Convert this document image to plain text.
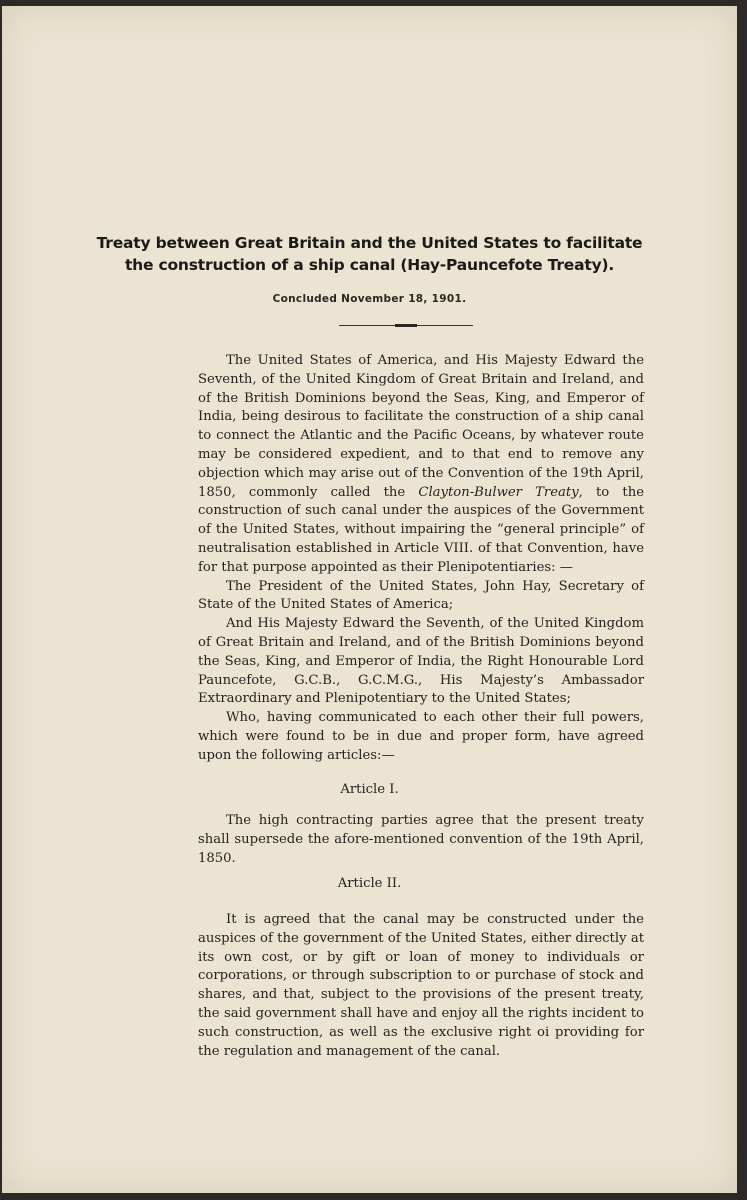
Treaty between Great Britain and the United States to facilitate
the construction of a ship canal (Hay-Pauncefote Treaty).
Concluded November 18, 1901.

The United States of America, and His Majesty Edward the Seventh, of the United Kingdom of Great Britain and Ireland, and of the British Dominions beyond the Seas, King, and Emperor of India, being desirous to facilitate the construction of a ship canal to connect the Atlantic and the Pacific Oceans, by whatever route may be considered expedient, and to that end to remove any objection which may arise out of the Convention of the 19th April, 1850, commonly called the Clayton-Bulwer Treaty, to the construction of such canal under the auspices of the Government of the United States, without impairing the “general principle” of neutralisation established in Article VIII. of that Convention, have for that purpose appointed as their Plenipotentiaries: —

The President of the United States, John Hay, Secretary of State of the United States of America;

And His Majesty Edward the Seventh, of the United Kingdom of Great Britain and Ireland, and of the British Dominions beyond the Seas, King, and Emperor of India, the Right Honourable Lord Pauncefote, G.C.B., G.C.M.G., His Majesty’s Ambassador Extraordinary and Plenipotentiary to the United States;

Who, having communicated to each other their full powers, which were found to be in due and proper form, have agreed upon the following articles:—

Article I.

The high contracting parties agree that the present treaty shall supersede the afore-mentioned convention of the 19th April, 1850.

Article II.

It is agreed that the canal may be constructed under the auspices of the government of the United States, either directly at its own cost, or by gift or loan of money to individuals or corporations, or through subscription to or purchase of stock and shares, and that, subject to the provisions of the present treaty, the said government shall have and enjoy all the rights incident to such construction, as well as the exclusive right oi providing for the regulation and management of the canal.
